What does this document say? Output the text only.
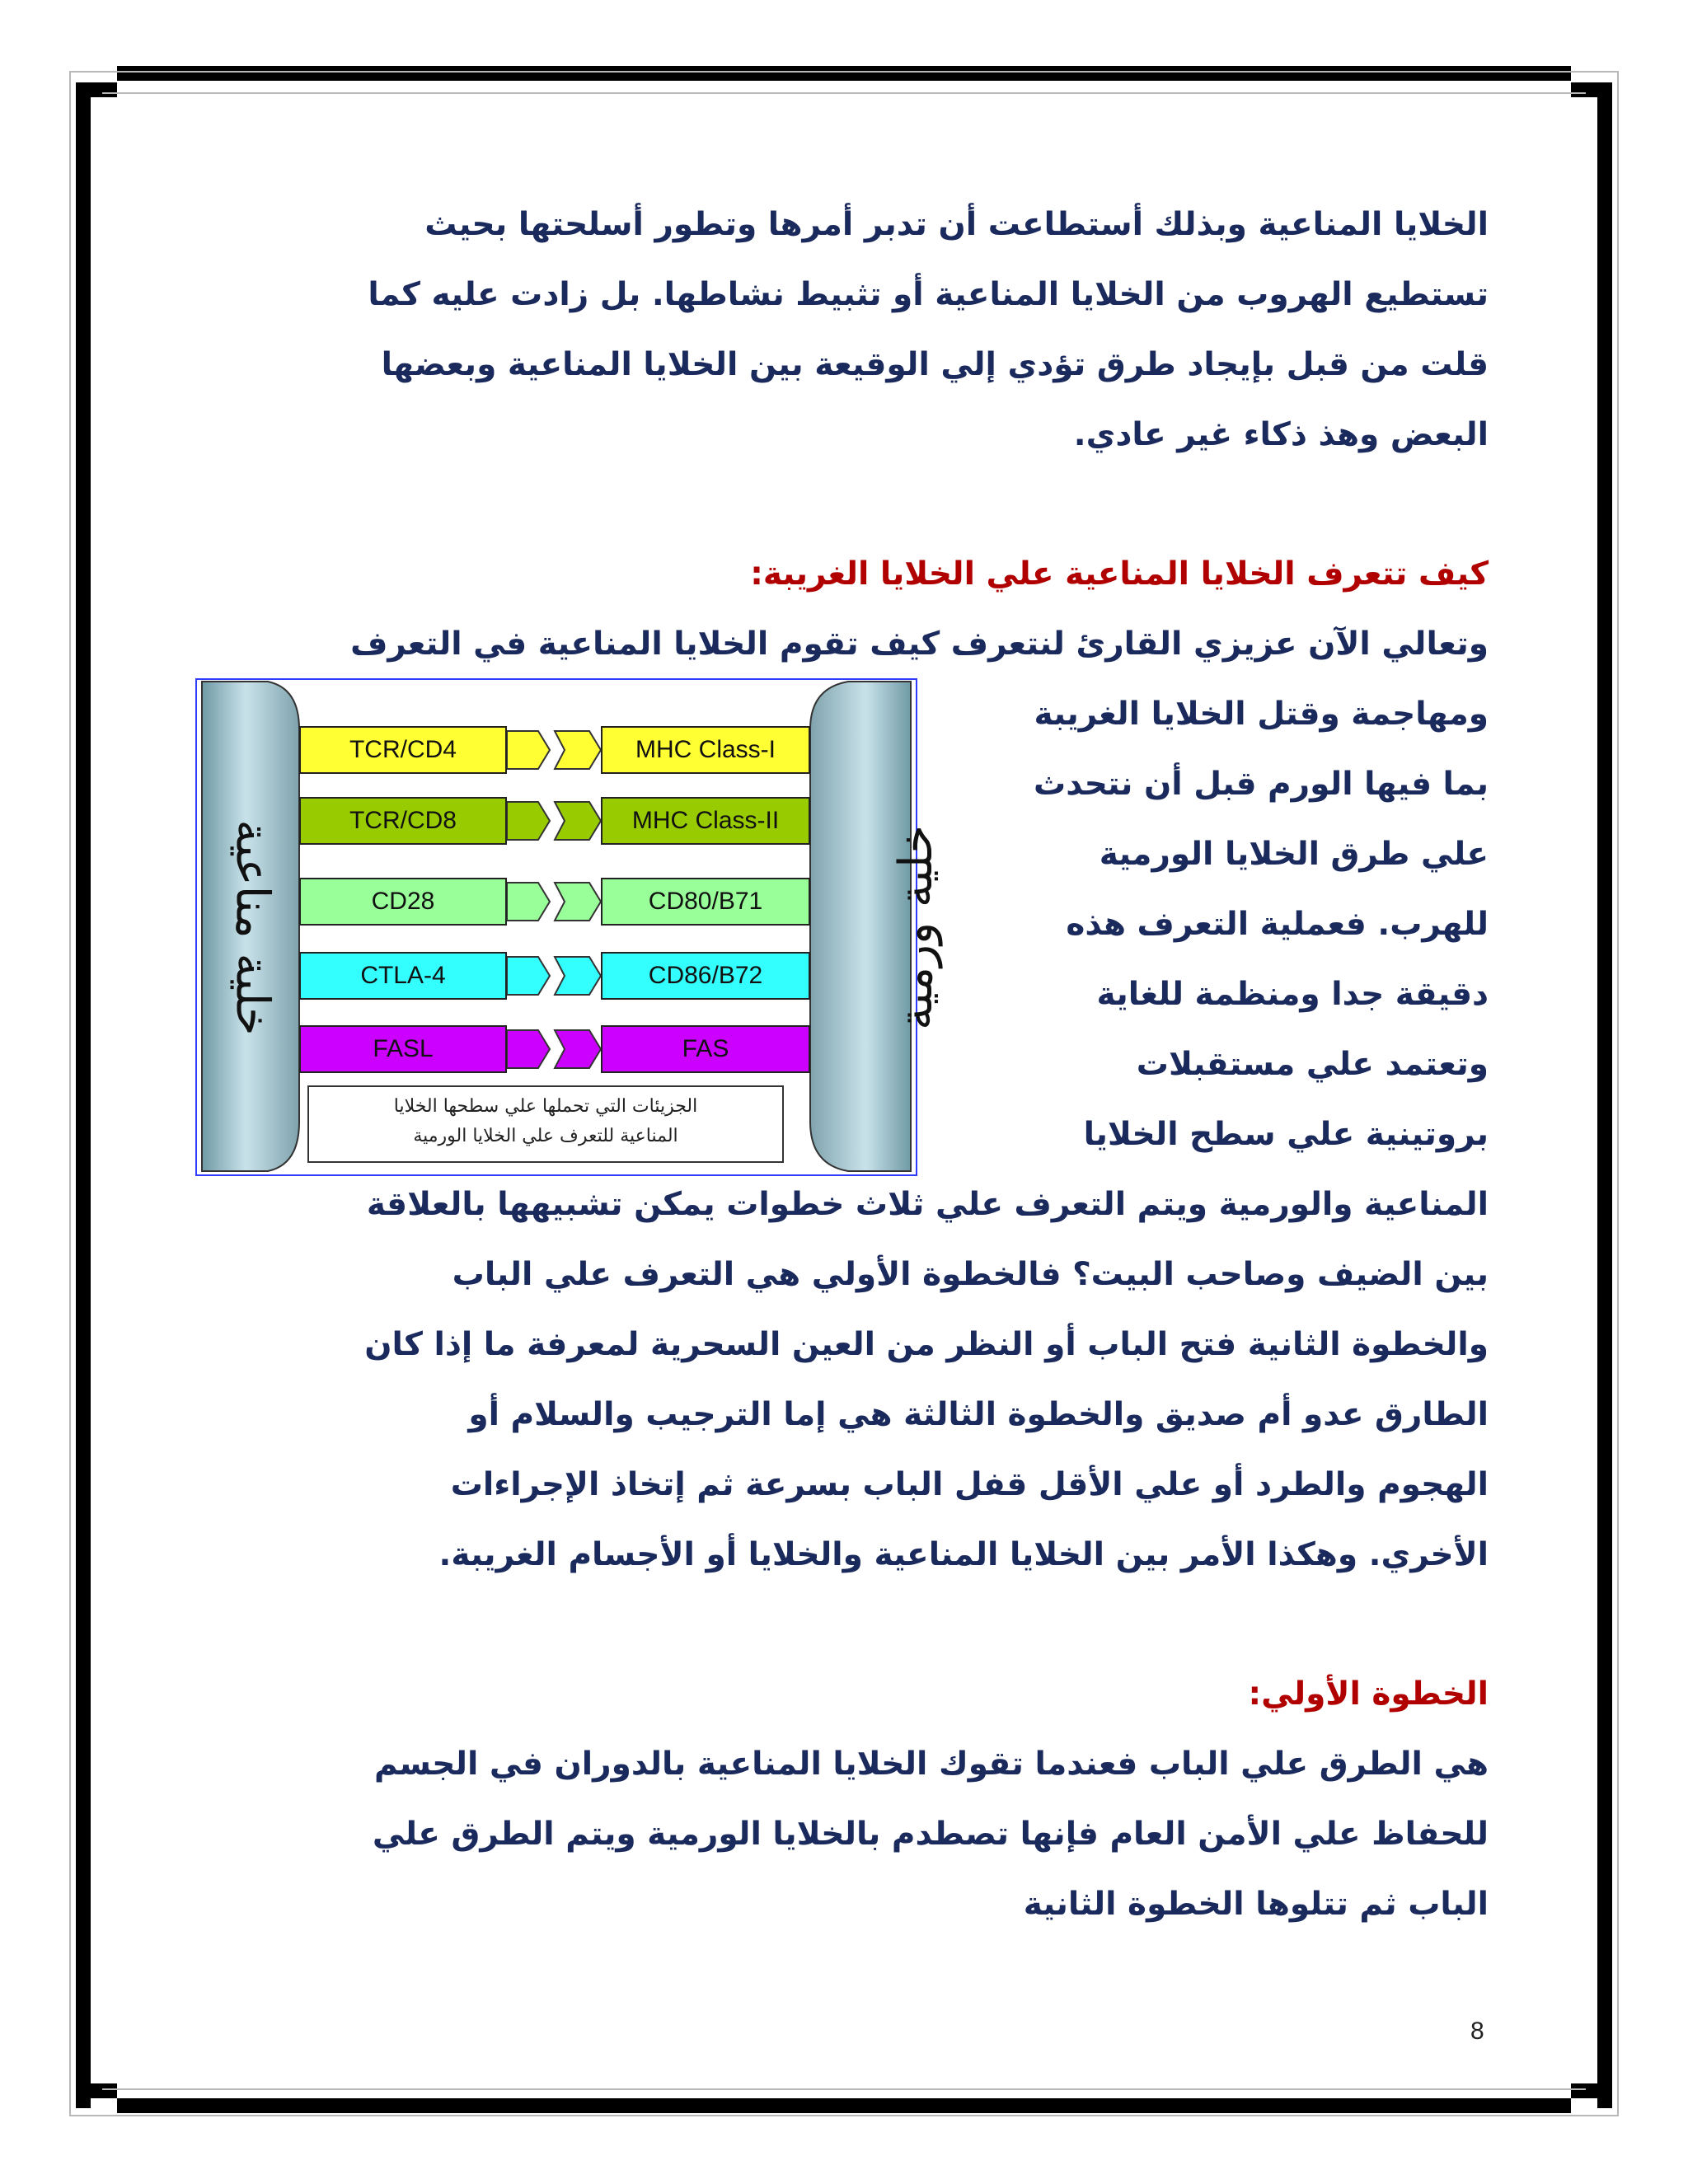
الخلايا المناعية وبذلك أستطاعت أن تدبر أمرها وتطور أسلحتها بحيث
تستطيع الهروب من الخلايا المناعية أو تثبيط نشاطها. بل زادت عليه كما
قلت من قبل بإيجاد طرق تؤدي إلي الوقيعة بين الخلايا المناعية وبعضها
البعض وهذ ذكاء غير عادي.
كيف تتعرف الخلايا المناعية علي الخلايا الغريبة:
وتعالي الآن عزيزي القارئ لنتعرف كيف تقوم الخلايا المناعية في التعرف
ومهاجمة وقتل الخلايا الغريبة
بما فيها الورم قبل أن نتحدث
علي طرق الخلايا الورمية
للهرب. فعملية التعرف هذه
دقيقة جدا ومنظمة للغاية
وتعتمد علي مستقبلات
بروتينية علي سطح الخلايا
المناعية والورمية ويتم التعرف علي ثلاث خطوات يمكن تشبيهها بالعلاقة
بين الضيف وصاحب البيت؟ فالخطوة الأولي هي التعرف علي الباب
والخطوة الثانية فتح الباب أو النظر من العين السحرية لمعرفة ما إذا كان
الطارق عدو أم صديق والخطوة الثالثة هي إما الترجيب والسلام أو
الهجوم والطرد أو علي الأقل قفل الباب بسرعة ثم إتخاذ الإجراءات
الأخري. وهكذا الأمر بين الخلايا المناعية والخلايا أو الأجسام الغريبة.
الخطوة الأولي:
هي الطرق علي الباب فعندما تقوك الخلايا المناعية بالدوران في الجسم
للحفاظ علي الأمن العام فإنها تصطدم بالخلايا الورمية ويتم الطرق علي
الباب ثم تتلوها الخطوة الثانية
خلية مناعية	خلية ورمية
TCR/CD4	MHC Class-I
TCR/CD8	MHC Class-II
CD28	CD80/B71
CTLA-4	CD86/B72
FASL	FAS
الجزيئات التي تحملها علي سطحها الخلايا
المناعية للتعرف علي الخلايا الورمية
8
